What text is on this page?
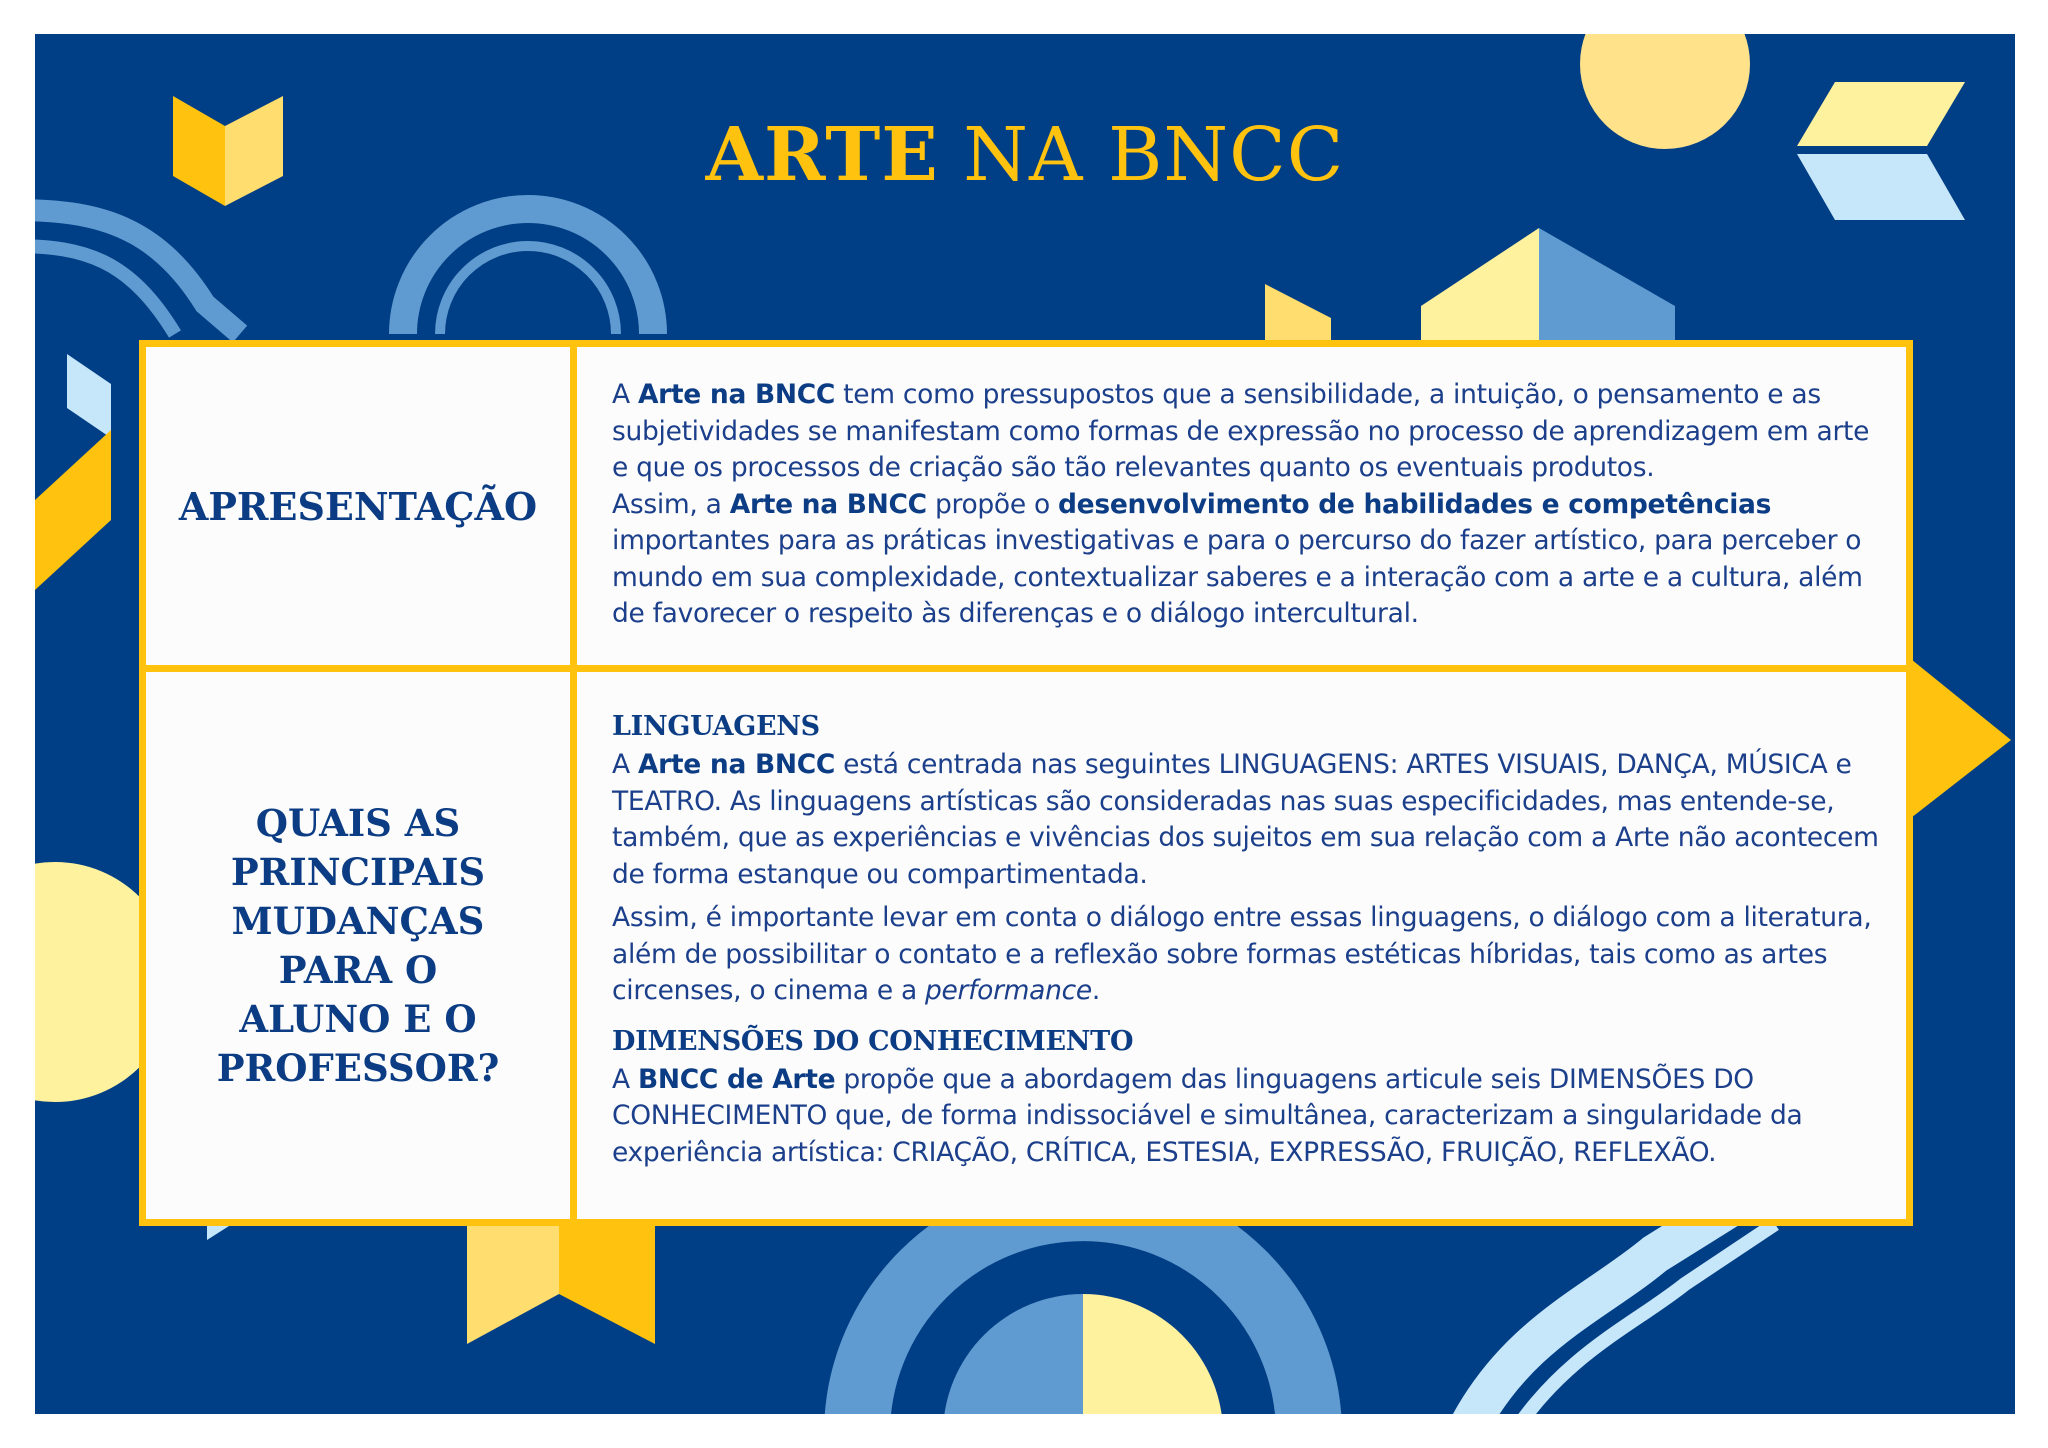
ARTE NA BNCC
APRESENTAÇÃO

A Arte na BNCC tem como pressupostos que a sensibilidade, a intuição, o pensamento e as subjetividades se manifestam como formas de expressão no processo de aprendizagem em arte e que os processos de criação são tão relevantes quanto os eventuais produtos.

Assim, a Arte na BNCC propõe o desenvolvimento de habilidades e competências importantes para as práticas investigativas e para o percurso do fazer artístico, para perceber o mundo em sua complexidade, contextualizar saberes e a interação com a arte e a cultura, além de favorecer o respeito às diferenças e o diálogo intercultural.

QUAIS AS PRINCIPAIS MUDANÇAS PARA O ALUNO E O PROFESSOR?

LINGUAGENS

A Arte na BNCC está centrada nas seguintes LINGUAGENS: ARTES VISUAIS, DANÇA, MÚSICA e TEATRO. As linguagens artísticas são consideradas nas suas especificidades, mas entende-se, também, que as experiências e vivências dos sujeitos em sua relação com a Arte não acontecem de forma estanque ou compartimentada.

Assim, é importante levar em conta o diálogo entre essas linguagens, o diálogo com a literatura, além de possibilitar o contato e a reflexão sobre formas estéticas híbridas, tais como as artes circenses, o cinema e a performance.

DIMENSÕES DO CONHECIMENTO

A BNCC de Arte propõe que a abordagem das linguagens articule seis DIMENSÕES DO CONHECIMENTO que, de forma indissociável e simultânea, caracterizam a singularidade da experiência artística: CRIAÇÃO, CRÍTICA, ESTESIA, EXPRESSÃO, FRUIÇÃO, REFLEXÃO.
